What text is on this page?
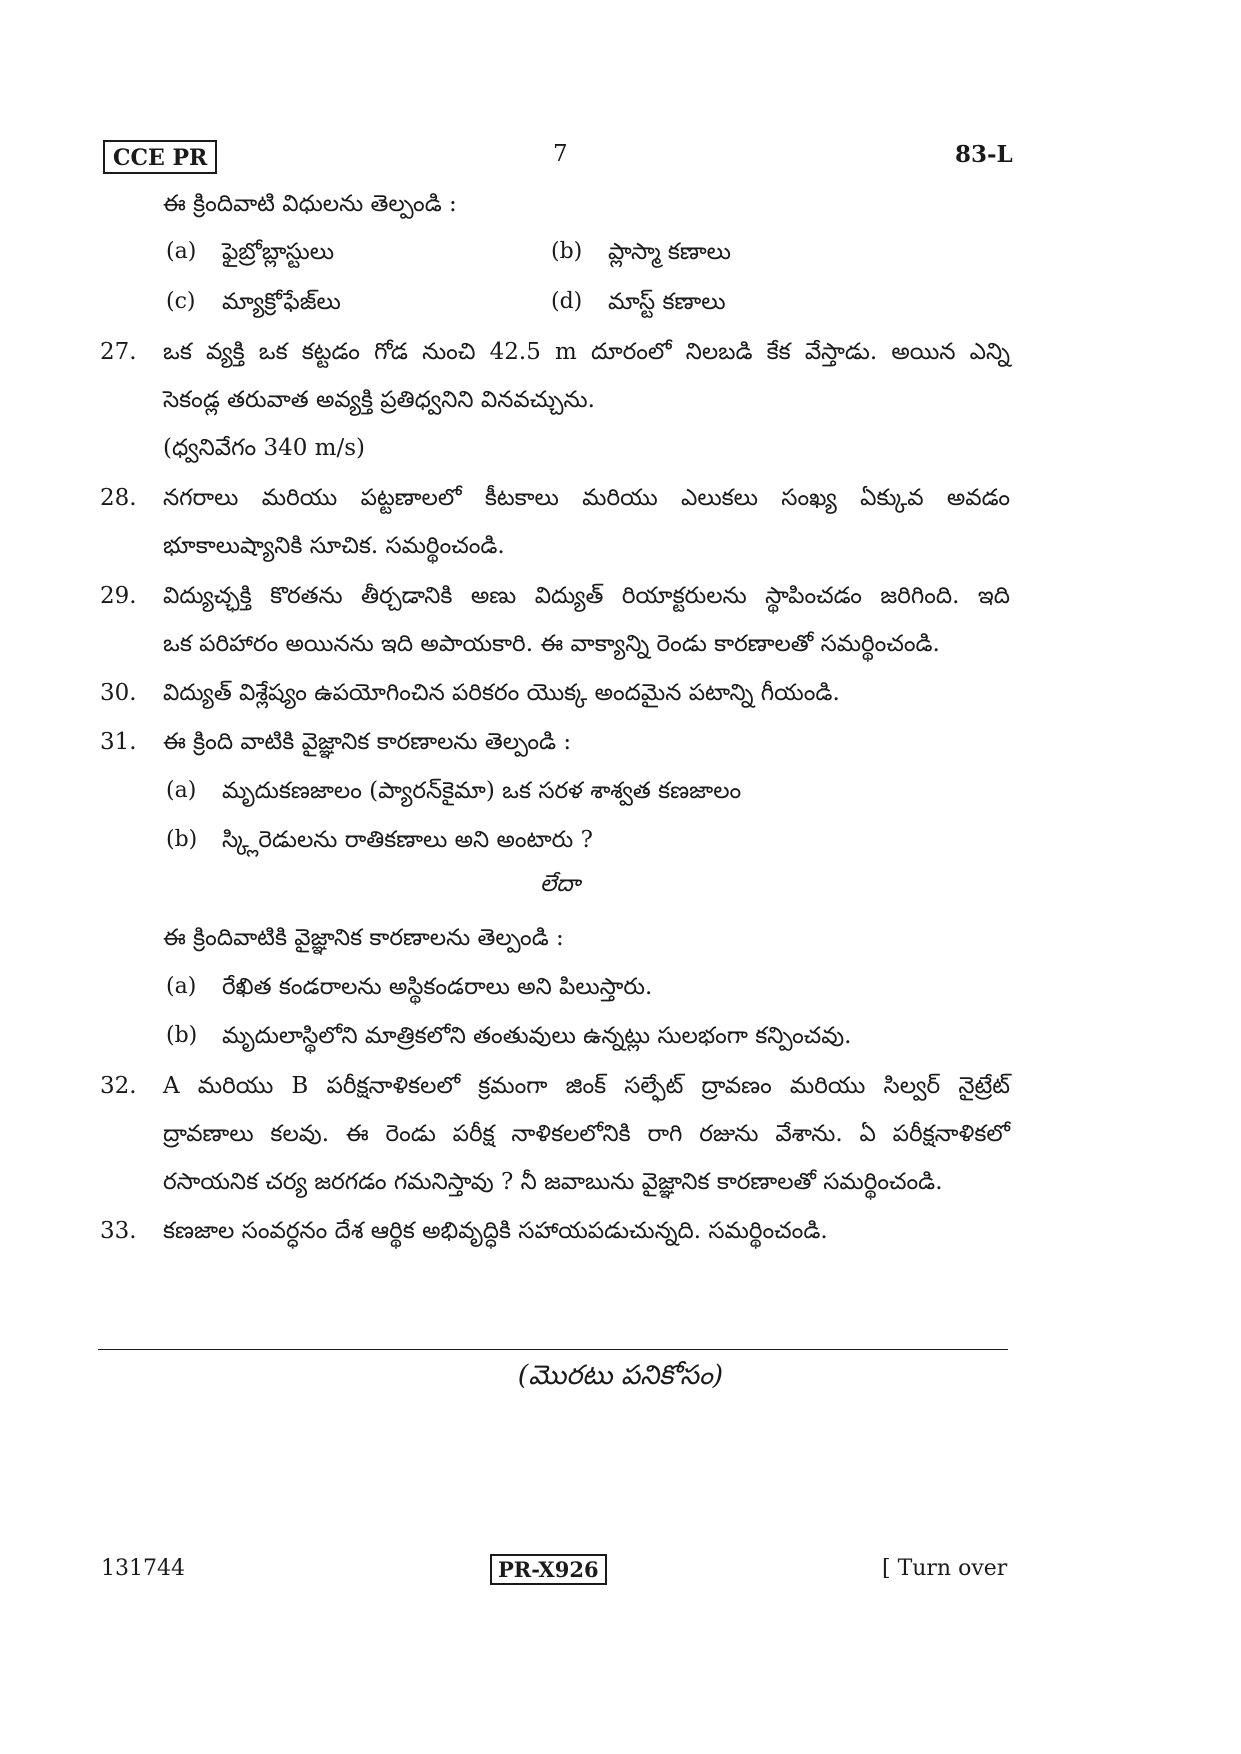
CCE PR	7	83-L
ఈ క్రిందివాటి విధులను తెల్పండి :
(a) ఫైబ్రోబ్లాస్టులు	(b) ప్లాస్మా కణాలు
(c) మ్యాక్రోఫేజ్‌లు	(d) మాస్ట్ కణాలు
27. ఒక వ్యక్తి ఒక కట్టడం గోడ నుంచి 42.5 m దూరంలో నిలబడి కేక వేస్తాడు. అయిన ఎన్ని
సెకండ్ల తరువాత అవ్యక్తి ప్రతిధ్వనిని వినవచ్చును.
(ధ్వనివేగం 340 m/s)
28. నగరాలు మరియు పట్టణాలలో కీటకాలు మరియు ఎలుకలు సంఖ్య ఏక్కువ అవడం
భూకాలుష్యానికి సూచిక. సమర్థించండి.
29. విద్యుచ్ఛక్తి కొరతను తీర్చడానికి అణు విద్యుత్ రియాక్టరులను స్థాపించడం జరిగింది. ఇది
ఒక పరిహారం అయినను ఇది అపాయకారి. ఈ వాక్యాన్ని రెండు కారణాలతో సమర్థించండి.
30. విద్యుత్ విశ్లేష్యం ఉపయోగించిన పరికరం యొక్క అందమైన పటాన్ని గీయండి.
31. ఈ క్రింది వాటికి వైజ్ఞానిక కారణాలను తెల్పండి :
(a) మృదుకణజాలం (ప్యారన్‌కైమా) ఒక సరళ శాశ్వత కణజాలం
(b) స్క్లిరెడులను రాతికణాలు అని అంటారు ?
లేదా
ఈ క్రిందివాటికి వైజ్ఞానిక కారణాలను తెల్పండి :
(a) రేఖిత కండరాలను అస్థికండరాలు అని పిలుస్తారు.
(b) మృదులాస్థిలోని మాత్రికలోని తంతువులు ఉన్నట్లు సులభంగా కన్పించవు.
32. A మరియు B పరీక్షనాళికలలో క్రమంగా జింక్ సల్ఫేట్ ద్రావణం మరియు సిల్వర్ నైట్రేట్
ద్రావణాలు కలవు. ఈ రెండు పరీక్ష నాళికలలోనికి రాగి రజును వేశాను. ఏ పరీక్షనాళికలో
రసాయనిక చర్య జరగడం గమనిస్తావు ? నీ జవాబును వైజ్ఞానిక కారణాలతో సమర్థించండి.
33. కణజాల సంవర్ధనం దేశ ఆర్థిక అభివృద్ధికి సహాయపడుచున్నది. సమర్థించండి.
(మొరటు పనికోసం)
131744	PR-X926	[ Turn over
